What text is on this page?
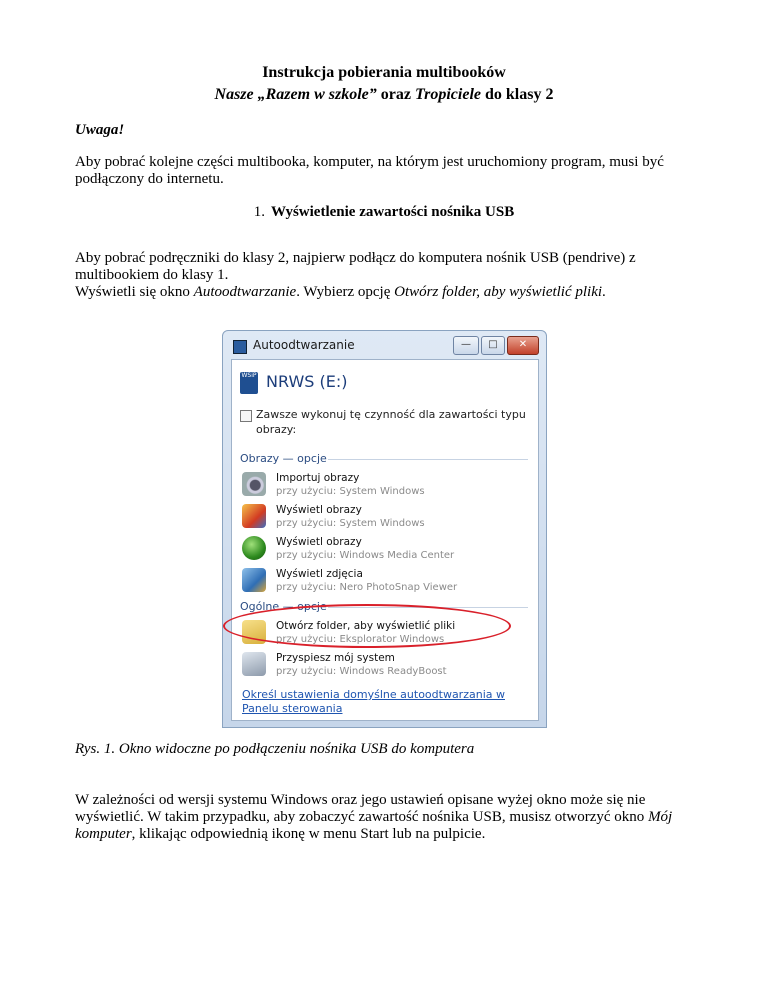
Instrukcja pobierania multibooków
Nasze „Razem w szkole” oraz Tropiciele do klasy 2
Uwaga!
Aby pobrać kolejne części multibooka, komputer, na którym jest uruchomiony program, musi być
podłączony do internetu.
1. Wyświetlenie zawartości nośnika USB
Aby pobrać podręczniki do klasy 2, najpierw podłącz do komputera nośnik USB (pendrive) z
multibookiem do klasy 1.
Wyświetli się okno Autoodtwarzanie. Wybierz opcję Otwórz folder, aby wyświetlić pliki.
Autoodtwarzanie	—	□	✕
WSiP NRWS (E:)
Zawsze wykonuj tę czynność dla zawartości typu
obrazy:
Obrazy — opcje
Importuj obrazy
przy użyciu: System Windows
Wyświetl obrazy
przy użyciu: System Windows
Wyświetl obrazy
przy użyciu: Windows Media Center
Wyświetl zdjęcia
przy użyciu: Nero PhotoSnap Viewer
Ogólne — opcje
Otwórz folder, aby wyświetlić pliki
przy użyciu: Eksplorator Windows
Przyspiesz mój system
przy użyciu: Windows ReadyBoost
Określ ustawienia domyślne autoodtwarzania w
Panelu sterowania
Rys. 1. Okno widoczne po podłączeniu nośnika USB do komputera
W zależności od wersji systemu Windows oraz jego ustawień opisane wyżej okno może się nie
wyświetlić. W takim przypadku, aby zobaczyć zawartość nośnika USB, musisz otworzyć okno Mój
komputer, klikając odpowiednią ikonę w menu Start lub na pulpicie.
